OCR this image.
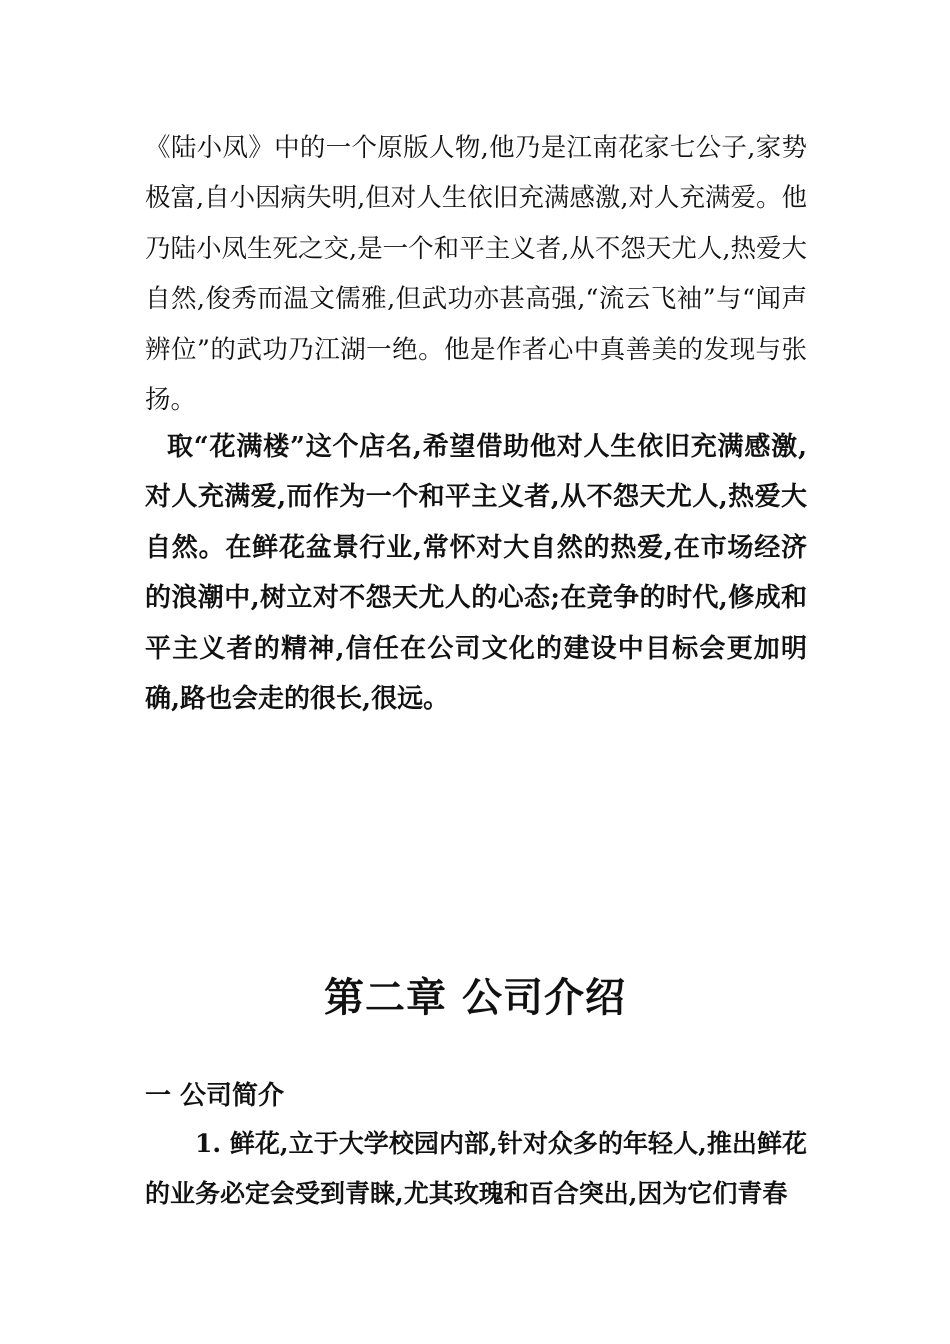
《陆小凤》中的一个原版人物,他乃是江南花家七公子,家势极富,自小因病失明,但对人生依旧充满感激,对人充满爱。他乃陆小凤生死之交,是一个和平主义者,从不怨天尤人,热爱大自然,俊秀而温文儒雅,但武功亦甚高强,“流云飞袖”与“闻声辨位”的武功乃江湖一绝。他是作者心中真善美的发现与张扬。

取“花满楼”这个店名,希望借助他对人生依旧充满感激,对人充满爱,而作为一个和平主义者,从不怨天尤人,热爱大自然。在鲜花盆景行业,常怀对大自然的热爱,在市场经济的浪潮中,树立对不怨天尤人的心态;在竞争的时代,修成和平主义者的精神,信任在公司文化的建设中目标会更加明确,路也会走的很长,很远。

第二章 公司介绍
一 公司简介

1. 鲜花,立于大学校园内部,针对众多的年轻人,推出鲜花的业务必定会受到青睐,尤其玫瑰和百合突出,因为它们青春
